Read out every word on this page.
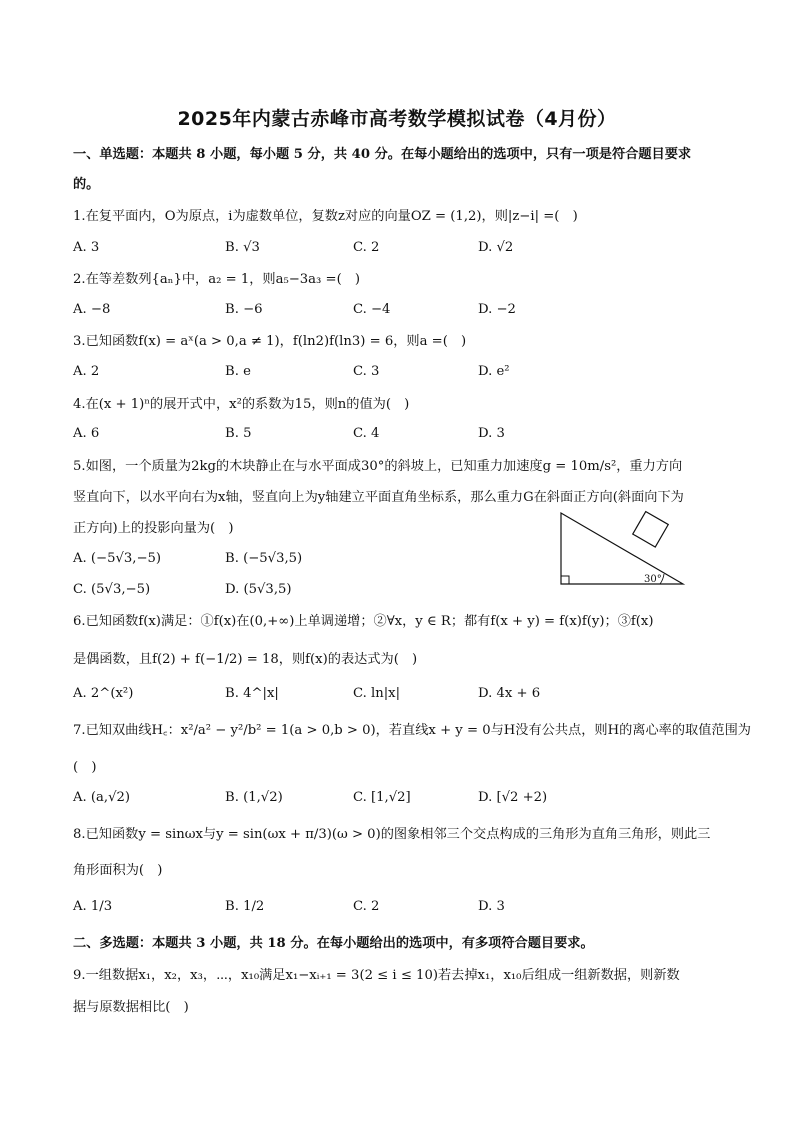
2025年内蒙古赤峰市高考数学模拟试卷（4月份）
一、单选题：本题共 8 小题，每小题 5 分，共 40 分。在每小题给出的选项中，只有一项是符合题目要求
的。
1.在复平面内，O为原点，i为虚数单位，复数z对应的向量OZ = (1,2)，则|z−i| =(　)
A. 3	B. √3	C. 2	D. √2
2.在等差数列{aₙ}中，a₂ = 1，则a₅−3a₃ =(　)
A. −8	B. −6	C. −4	D. −2
3.已知函数f(x) = aˣ(a > 0,a ≠ 1)，f(ln2)f(ln3) = 6，则a =(　)
A. 2	B. e	C. 3	D. e²
4.在(x + 1)ⁿ的展开式中，x²的系数为15，则n的值为(　)
A. 6	B. 5	C. 4	D. 3
5.如图，一个质量为2kg的木块静止在与水平面成30°的斜坡上，已知重力加速度g = 10m/s²，重力方向
竖直向下，以水平向右为x轴，竖直向上为y轴建立平面直角坐标系，那么重力G在斜面正方向(斜面向下为
正方向)上的投影向量为(　)
A. (−5√3,−5)	B. (−5√3,5)
C. (5√3,−5)	D. (5√3,5)
30°
6.已知函数f(x)满足：①f(x)在(0,+∞)上单调递增；②∀x，y ∈ R；都有f(x + y) = f(x)f(y)；③f(x)
是偶函数，且f(2) + f(−1/2) = 18，则f(x)的表达式为(　)
A. 2^(x²)	B. 4^|x|	C. ln|x|	D. 4x + 6
7.已知双曲线H꜀：x²/a² − y²/b² = 1(a > 0,b > 0)，若直线x + y = 0与H没有公共点，则H的离心率的取值范围为
(　)
A. (a,√2)	B. (1,√2)	C. [1,√2]	D. [√2 +2)
8.已知函数y = sinωx与y = sin(ωx + π/3)(ω > 0)的图象相邻三个交点构成的三角形为直角三角形，则此三
角形面积为(　)
A. 1/3	B. 1/2	C. 2	D. 3
二、多选题：本题共 3 小题，共 18 分。在每小题给出的选项中，有多项符合题目要求。
9.一组数据x₁，x₂，x₃，⋯，x₁₀满足x₁−xᵢ₊₁ = 3(2 ≤ i ≤ 10)若去掉x₁，x₁₀后组成一组新数据，则新数
据与原数据相比(　)
